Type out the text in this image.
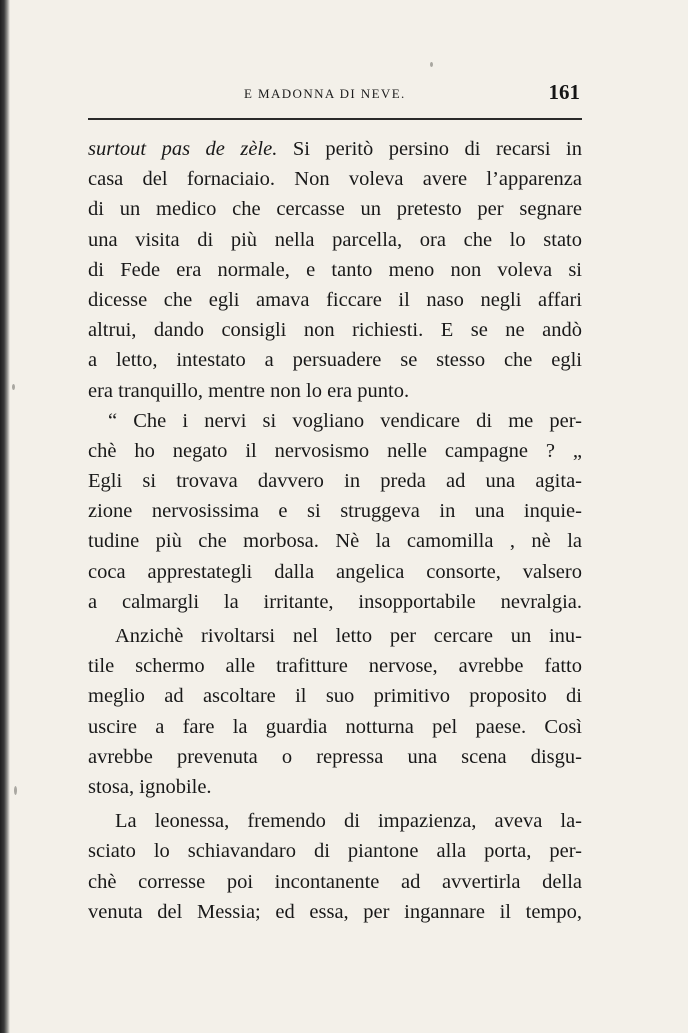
E MADONNA DI NEVE.	161
surtout pas de zèle. Si peritò persino di recarsi in
casa del fornaciaio. Non voleva avere l’apparenza
di un medico che cercasse un pretesto per segnare
una visita di più nella parcella, ora che lo stato
di Fede era normale, e tanto meno non voleva si
dicesse che egli amava ficcare il naso negli affari
altrui, dando consigli non richiesti. E se ne andò
a letto, intestato a persuadere se stesso che egli
era tranquillo, mentre non lo era punto.
“ Che i nervi si vogliano vendicare di me per-
chè ho negato il nervosismo nelle campagne ? „
Egli si trovava davvero in preda ad una agita-
zione nervosissima e si struggeva in una inquie-
tudine più che morbosa. Nè la camomilla , nè la
coca apprestategli dalla angelica consorte, valsero
a calmargli la irritante, insopportabile nevralgia.
Anzichè rivoltarsi nel letto per cercare un inu-
tile schermo alle trafitture nervose, avrebbe fatto
meglio ad ascoltare il suo primitivo proposito di
uscire a fare la guardia notturna pel paese. Così
avrebbe prevenuta o repressa una scena disgu-
stosa, ignobile.
La leonessa, fremendo di impazienza, aveva la-
sciato lo schiavandaro di piantone alla porta, per-
chè corresse poi incontanente ad avvertirla della
venuta del Messia; ed essa, per ingannare il tempo,
